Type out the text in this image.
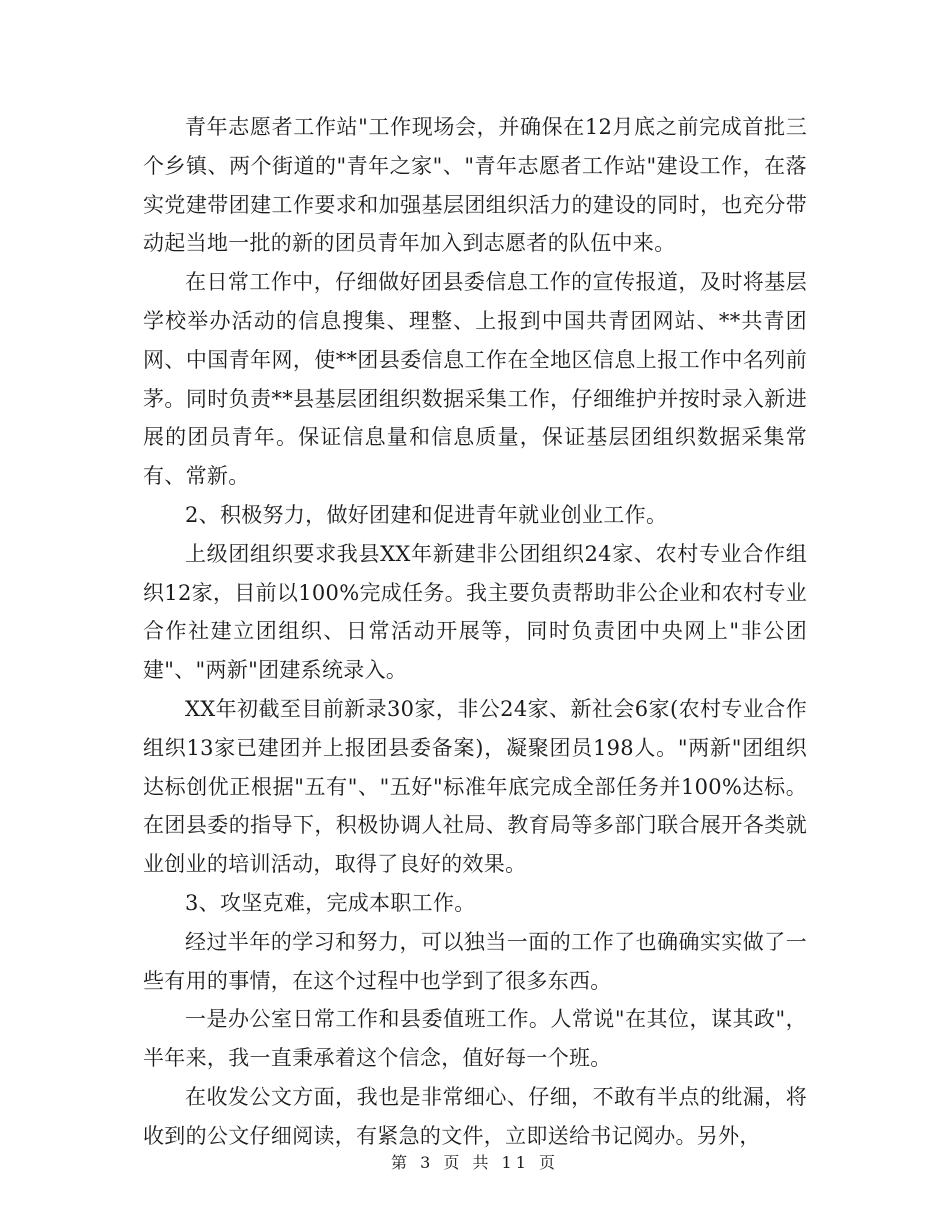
青年志愿者工作站"工作现场会，并确保在12月底之前完成首批三个乡镇、两个街道的"青年之家"、"青年志愿者工作站"建设工作，在落实党建带团建工作要求和加强基层团组织活力的建设的同时，也充分带动起当地一批的新的团员青年加入到志愿者的队伍中来。

在日常工作中，仔细做好团县委信息工作的宣传报道，及时将基层学校举办活动的信息搜集、理整、上报到中国共青团网站、**共青团网、中国青年网，使**团县委信息工作在全地区信息上报工作中名列前茅。同时负责**县基层团组织数据采集工作，仔细维护并按时录入新进展的团员青年。保证信息量和信息质量，保证基层团组织数据采集常有、常新。

2、积极努力，做好团建和促进青年就业创业工作。

上级团组织要求我县XX年新建非公团组织24家、农村专业合作组织12家，目前以100%完成任务。我主要负责帮助非公企业和农村专业合作社建立团组织、日常活动开展等，同时负责团中央网上"非公团建"、"两新"团建系统录入。

XX年初截至目前新录30家，非公24家、新社会6家(农村专业合作组织13家已建团并上报团县委备案)，凝聚团员198人。"两新"团组织达标创优正根据"五有"、"五好"标准年底完成全部任务并100%达标。在团县委的指导下，积极协调人社局、教育局等多部门联合展开各类就业创业的培训活动，取得了良好的效果。

3、攻坚克难，完成本职工作。

经过半年的学习和努力，可以独当一面的工作了也确确实实做了一些有用的事情，在这个过程中也学到了很多东西。

一是办公室日常工作和县委值班工作。人常说"在其位，谋其政"，半年来，我一直秉承着这个信念，值好每一个班。

在收发公文方面，我也是非常细心、仔细，不敢有半点的纰漏，将收到的公文仔细阅读，有紧急的文件，立即送给书记阅办。另外，

第 3 页 共 11 页
